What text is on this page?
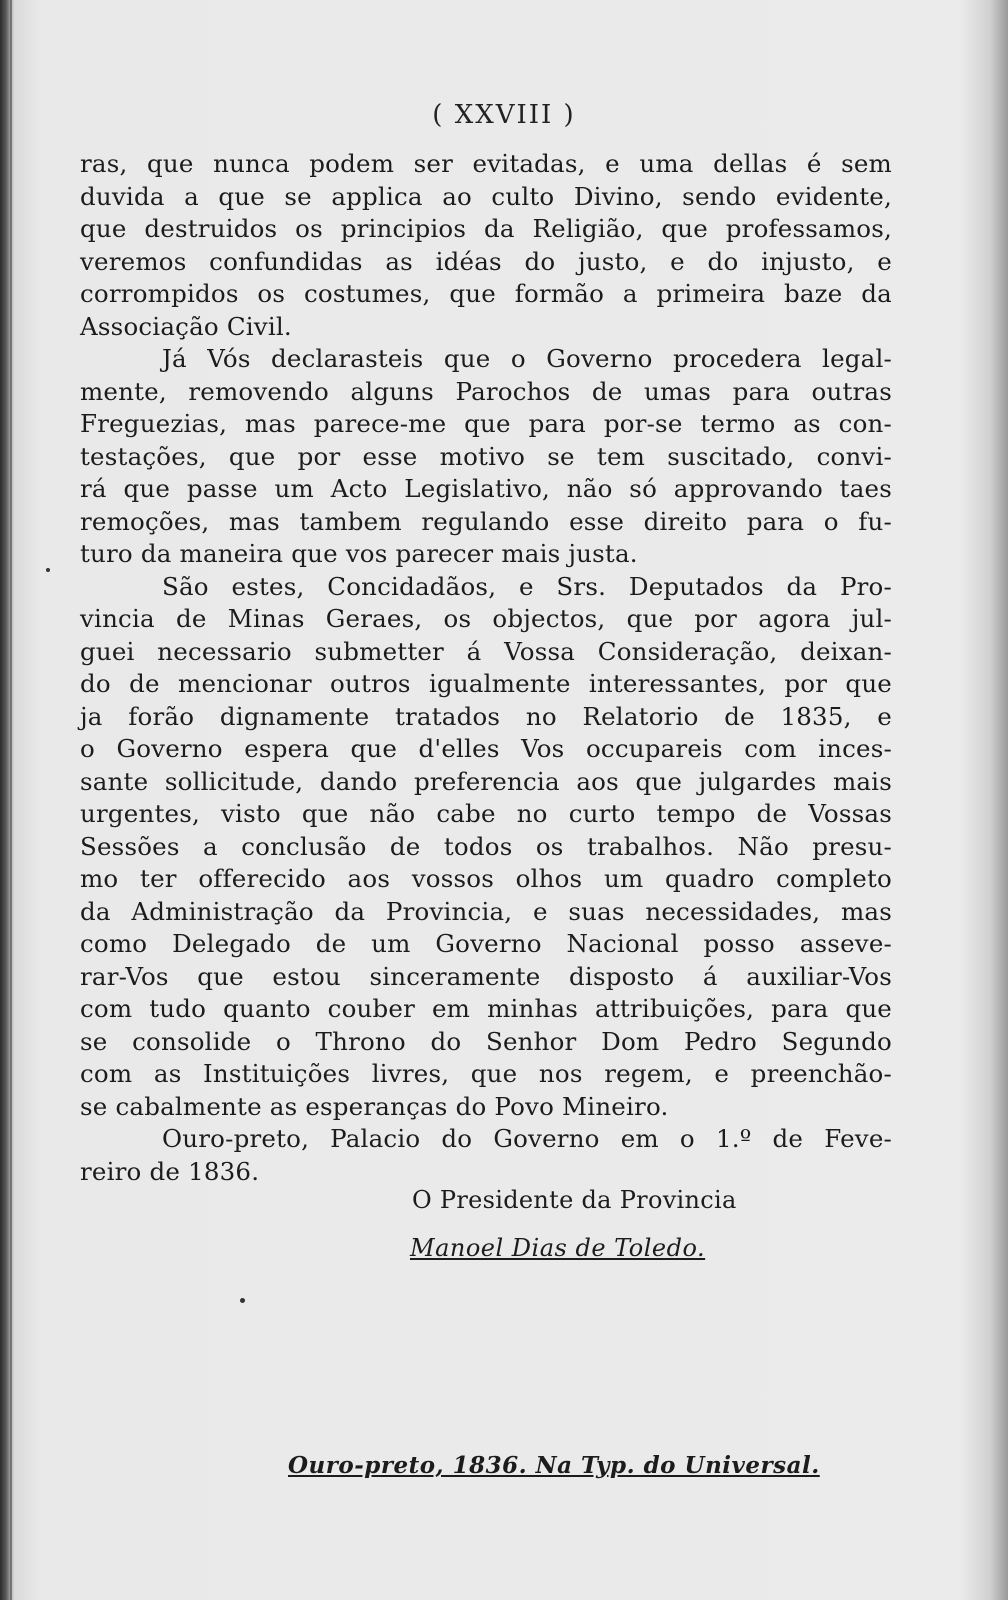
( XXVIII )
ras, que nunca podem ser evitadas, e uma dellas é sem
duvida a que se applica ao culto Divino, sendo evidente,
que destruidos os principios da Religião, que professamos,
veremos confundidas as idéas do justo, e do injusto, e
corrompidos os costumes, que formão a primeira baze da
Associação Civil.
Já Vós declarasteis que o Governo procedera legal-
mente, removendo alguns Parochos de umas para outras
Freguezias, mas parece-me que para por-se termo as con-
testações, que por esse motivo se tem suscitado, convi-
rá que passe um Acto Legislativo, não só approvando taes
remoções, mas tambem regulando esse direito para o fu-
turo da maneira que vos parecer mais justa.
São estes, Concidadãos, e Srs. Deputados da Pro-
vincia de Minas Geraes, os objectos, que por agora jul-
guei necessario submetter á Vossa Consideração, deixan-
do de mencionar outros igualmente interessantes, por que
ja forão dignamente tratados no Relatorio de 1835, e
o Governo espera que d'elles Vos occupareis com inces-
sante sollicitude, dando preferencia aos que julgardes mais
urgentes, visto que não cabe no curto tempo de Vossas
Sessões a conclusão de todos os trabalhos. Não presu-
mo ter offerecido aos vossos olhos um quadro completo
da Administração da Provincia, e suas necessidades, mas
como Delegado de um Governo Nacional posso asseve-
rar-Vos que estou sinceramente disposto á auxiliar-Vos
com tudo quanto couber em minhas attribuições, para que
se consolide o Throno do Senhor Dom Pedro Segundo
com as Instituições livres, que nos regem, e preenchão-
se cabalmente as esperanças do Povo Mineiro.
Ouro-preto, Palacio do Governo em o 1.º de Feve-
reiro de 1836.
O Presidente da Provincia
Manoel Dias de Toledo.
Ouro-preto, 1836. Na Typ. do Universal.
